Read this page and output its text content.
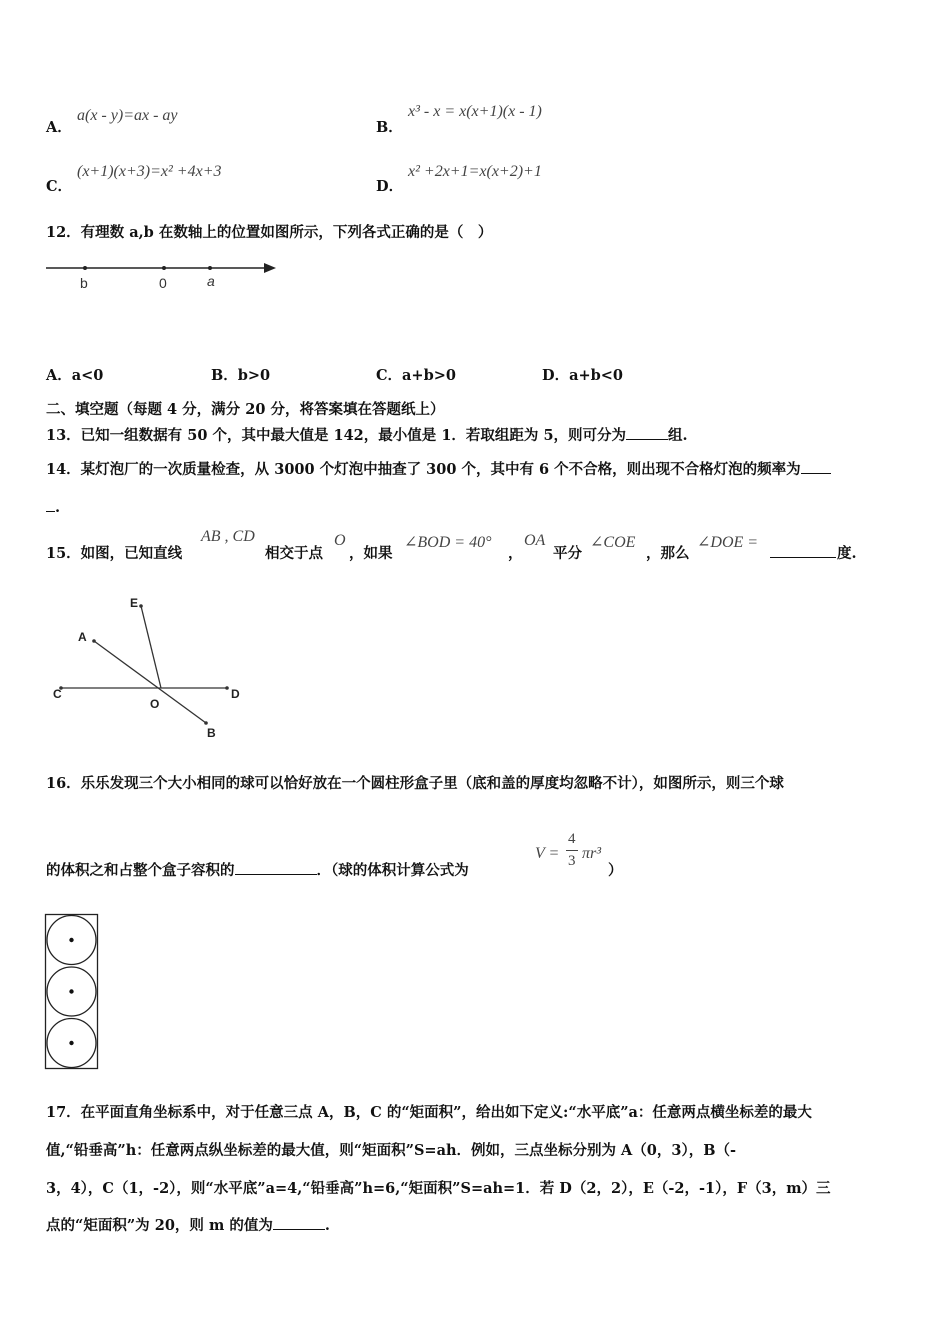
A．
a(x - y)=ax - ay
B．
x³ - x = x(x+1)(x - 1)
C．
(x+1)(x+3)=x² +4x+3
D．
x² +2x+1=x(x+2)+1
12．有理数 a,b 在数轴上的位置如图所示，下列各式正确的是（　）
b	0	a
A．a<0	B．b>0	C．a+b>0	D．a+b<0
二、填空题（每题 4 分，满分 20 分，将答案填在答题纸上）
13．已知一组数据有 50 个，其中最大值是 142，最小值是 1．若取组距为 5，则可分为	组.
14．某灯泡厂的一次质量检查，从 3000 个灯泡中抽查了 300 个，其中有 6 个不合格，则出现不合格灯泡的频率为
.
15．如图，已知直线
AB , CD
相交于点
O
，如果
∠BOD = 40°
，
OA
平分
∠COE
，那么
∠DOE =
度.
E
A
C
O
D
B
16．乐乐发现三个大小相同的球可以恰好放在一个圆柱形盒子里（底和盖的厚度均忽略不计），如图所示，则三个球
的体积之和占整个盒子容积的	．（球的体积计算公式为
V =
4
3 πr³
）
17．在平面直角坐标系中，对于任意三点 A，B，C 的“矩面积”，给出如下定义:“水平底”a：任意两点横坐标差的最大
值,“铅垂高”h：任意两点纵坐标差的最大值，则“矩面积”S=ah．例如，三点坐标分别为 A（0，3），B（-
3，4），C（1，-2），则“水平底”a=4,“铅垂高”h=6,“矩面积”S=ah=1．若 D（2，2），E（-2，-1），F（3，m）三
点的“矩面积”为 20，则 m 的值为	.
